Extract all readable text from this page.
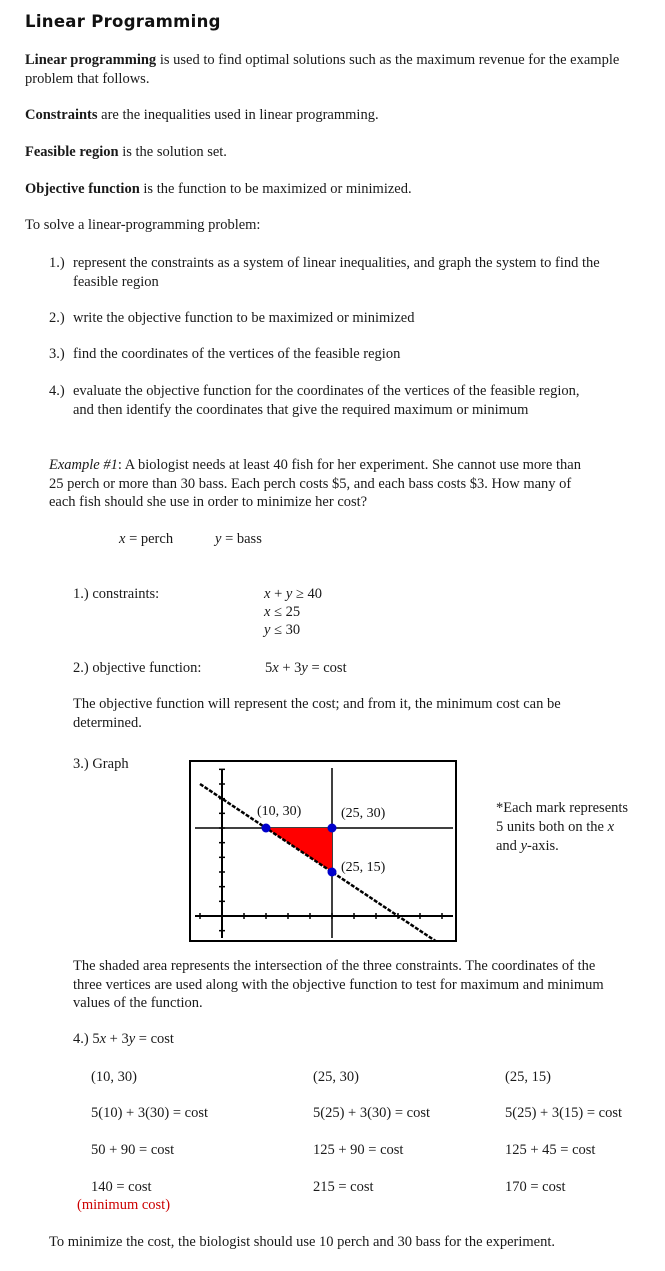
Linear Programming
Linear programming is used to find optimal solutions such as the maximum revenue for the example problem that follows.
Constraints are the inequalities used in linear programming.
Feasible region is the solution set.
Objective function is the function to be maximized or minimized.
To solve a linear-programming problem:
1.) represent the constraints as a system of linear inequalities, and graph the system to find the feasible region
2.) write the objective function to be maximized or minimized
3.) find the coordinates of the vertices of the feasible region
4.) evaluate the objective function for the coordinates of the vertices of the feasible region, and then identify the coordinates that give the required maximum or minimum
Example #1: A biologist needs at least 40 fish for her experiment. She cannot use more than 25 perch or more than 30 bass. Each perch costs $5, and each bass costs $3. How many of each fish should she use in order to minimize her cost?
x = perch	y = bass
1.) constraints:	x + y ≥ 40
x ≤ 25
y ≤ 30
2.) objective function:	5x + 3y = cost
The objective function will represent the cost; and from it, the minimum cost can be determined.
3.) Graph
(10, 30)	(25, 30)
(25, 15)
*Each mark represents
5 units both on the x
and y-axis.
The shaded area represents the intersection of the three constraints. The coordinates of the three vertices are used along with the objective function to test for maximum and minimum values of the function.
4.) 5x + 3y = cost
(10, 30)	(25, 30)	(25, 15)
5(10) + 3(30) = cost	5(25) + 3(30) = cost	5(25) + 3(15) = cost
50 + 90 = cost	125 + 90 = cost	125 + 45 = cost
140 = cost	215 = cost	170 = cost
(minimum cost)
To minimize the cost, the biologist should use 10 perch and 30 bass for the experiment.
